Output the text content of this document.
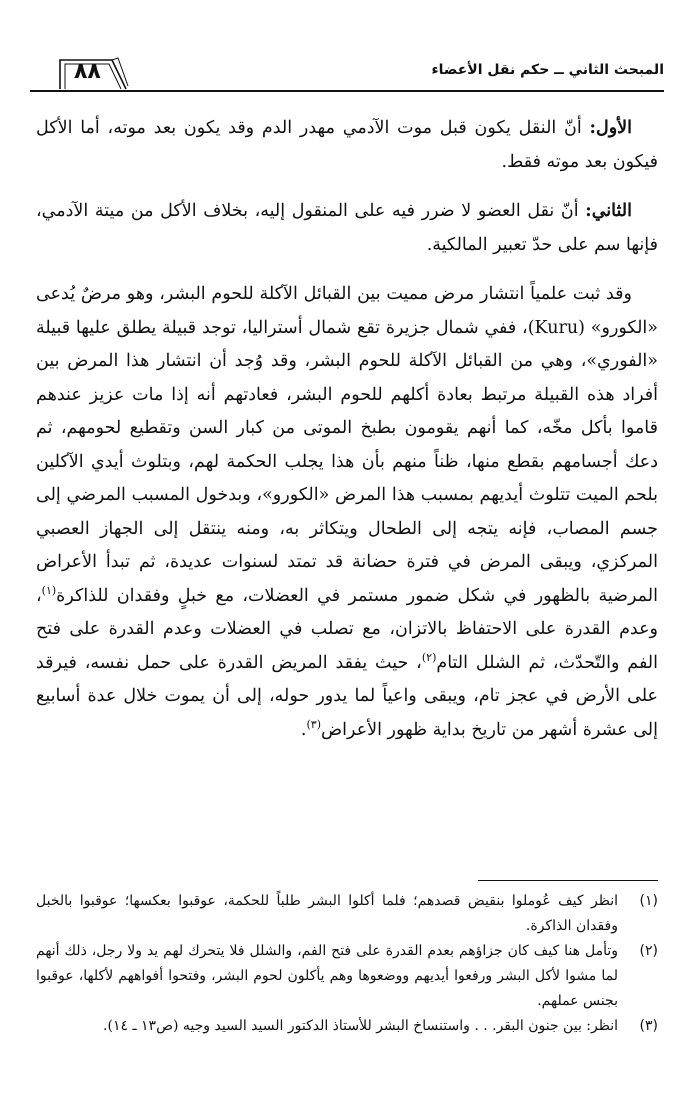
المبحث الثاني ــ حكم نقل الأعضاء
٨٨

الأول: أنّ النقل يكون قبل موت الآدمي مهدر الدم وقد يكون بعد موته، أما الأكل فيكون بعد موته فقط.

الثاني: أنّ نقل العضو لا ضرر فيه على المنقول إليه، بخلاف الأكل من ميتة الآدمي، فإنها سم على حدّ تعبير المالكية.

وقد ثبت علمياً انتشار مرض مميت بين القبائل الآكلة للحوم البشر، وهو مرضٌ يُدعى «الكورو» (Kuru)، ففي شمال جزيرة تقع شمال أستراليا، توجد قبيلة يطلق عليها قبيلة «الفوري»، وهي من القبائل الآكلة للحوم البشر، وقد وُجد أن انتشار هذا المرض بين أفراد هذه القبيلة مرتبط بعادة أكلهم للحوم البشر، فعادتهم أنه إذا مات عزيز عندهم قاموا بأكل مخّه، كما أنهم يقومون بطبخ الموتى من كبار السن وتقطيع لحومهم، ثم دعك أجسامهم بقطع منها، ظناً منهم بأن هذا يجلب الحكمة لهم، وبتلوث أيدي الآكلين بلحم الميت تتلوث أيديهم بمسبب هذا المرض «الكورو»، وبدخول المسبب المرضي إلى جسم المصاب، فإنه يتجه إلى الطحال ويتكاثر به، ومنه ينتقل إلى الجهاز العصبي المركزي، ويبقى المرض في فترة حضانة قد تمتد لسنوات عديدة، ثم تبدأ الأعراض المرضية بالظهور في شكل ضمور مستمر في العضلات، مع خبلٍ وفقدان للذاكرة$^{(١)}$، وعدم القدرة على الاحتفاظ بالاتزان، مع تصلب في العضلات وعدم القدرة على فتح الفم والتّحدّث، ثم الشلل التام$^{(٢)}$، حيث يفقد المريض القدرة على حمل نفسه، فيرقد على الأرض في عجز تام، ويبقى واعياً لما يدور حوله، إلى أن يموت خلال عدة أسابيع إلى عشرة أشهر من تاريخ بداية ظهور الأعراض$^{(٣)}$.

(١)
انظر كيف عُوملوا بنقيض قصدهم؛ فلما أكلوا البشر طلباً للحكمة، عوقبوا بعكسها؛ عوقبوا بالخبل وفقدان الذاكرة.

(٢)
وتأمل هنا كيف كان جزاؤهم بعدم القدرة على فتح الفم، والشلل فلا يتحرك لهم يد ولا رجل، ذلك أنهم لما مشوا لأكل البشر ورفعوا أيديهم ووضعوها وهم يأكلون لحوم البشر، وفتحوا أفواههم لأكلها، عوقبوا بجنس عملهم.

(٣)
انظر: بين جنون البقر. . . واستنساخ البشر للأستاذ الدكتور السيد السيد وجيه (ص١٣ ـ ١٤).
